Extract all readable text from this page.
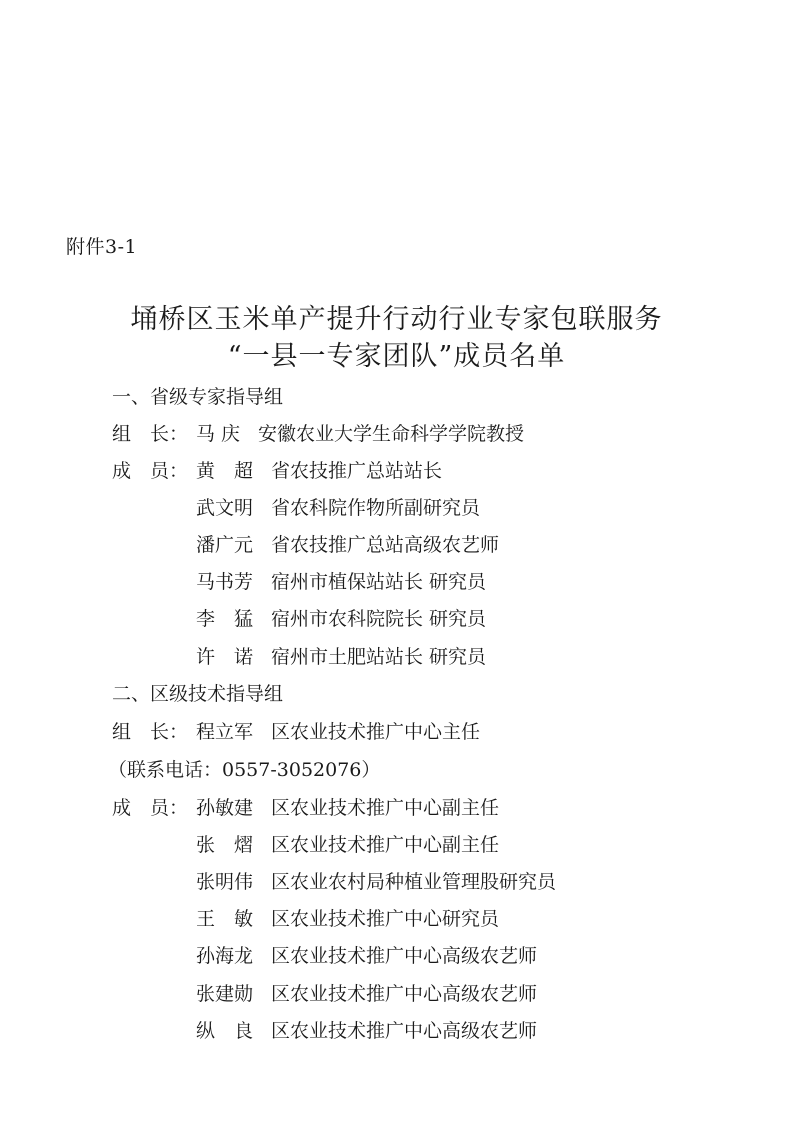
附件3-1
埇桥区玉米单产提升行动行业专家包联服务
“一县一专家团队”成员名单
一、省级专家指导组
组　长： 马 庆 安徽农业大学生命科学学院教授
成　员： 黄　超 省农技推广总站站长
武文明 省农科院作物所副研究员
潘广元 省农技推广总站高级农艺师
马书芳 宿州市植保站站长 研究员
李　猛 宿州市农科院院长 研究员
许　诺 宿州市土肥站站长 研究员
二、区级技术指导组
组　长： 程立军 区农业技术推广中心主任
（联系电话：0557-3052076）
成　员： 孙敏建 区农业技术推广中心副主任
张　熠 区农业技术推广中心副主任
张明伟 区农业农村局种植业管理股研究员
王　敏 区农业技术推广中心研究员
孙海龙 区农业技术推广中心高级农艺师
张建勋 区农业技术推广中心高级农艺师
纵　良 区农业技术推广中心高级农艺师
